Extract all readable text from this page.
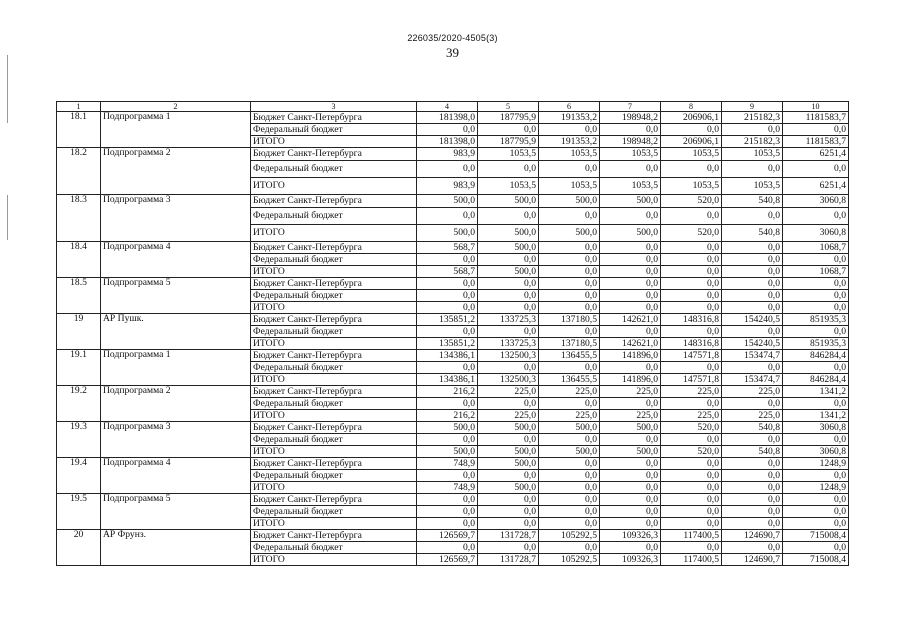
226035/2020-4505(3)
39
1	2	3	4	5	6	7	8	9	10
18.1	Подпрограмма 1	Бюджет Санкт-Петербурга	181398,0	187795,9	191353,2	198948,2	206906,1	215182,3	1181583,7
		Федеральный бюджет	0,0	0,0	0,0	0,0	0,0	0,0	0,0
		ИТОГО	181398,0	187795,9	191353,2	198948,2	206906,1	215182,3	1181583,7
18.2	Подпрограмма 2	Бюджет Санкт-Петербурга	983,9	1053,5	1053,5	1053,5	1053,5	1053,5	6251,4
		Федеральный бюджет	0,0	0,0	0,0	0,0	0,0	0,0	0,0
		ИТОГО	983,9	1053,5	1053,5	1053,5	1053,5	1053,5	6251,4
18.3	Подпрограмма 3	Бюджет Санкт-Петербурга	500,0	500,0	500,0	500,0	520,0	540,8	3060,8
		Федеральный бюджет	0,0	0,0	0,0	0,0	0,0	0,0	0,0
		ИТОГО	500,0	500,0	500,0	500,0	520,0	540,8	3060,8
18.4	Подпрограмма 4	Бюджет Санкт-Петербурга	568,7	500,0	0,0	0,0	0,0	0,0	1068,7
		Федеральный бюджет	0,0	0,0	0,0	0,0	0,0	0,0	0,0
		ИТОГО	568,7	500,0	0,0	0,0	0,0	0,0	1068,7
18.5	Подпрограмма 5	Бюджет Санкт-Петербурга	0,0	0,0	0,0	0,0	0,0	0,0	0,0
		Федеральный бюджет	0,0	0,0	0,0	0,0	0,0	0,0	0,0
		ИТОГО	0,0	0,0	0,0	0,0	0,0	0,0	0,0
19	АР Пушк.	Бюджет Санкт-Петербурга	135851,2	133725,3	137180,5	142621,0	148316,8	154240,5	851935,3
		Федеральный бюджет	0,0	0,0	0,0	0,0	0,0	0,0	0,0
		ИТОГО	135851,2	133725,3	137180,5	142621,0	148316,8	154240,5	851935,3
19.1	Подпрограмма 1	Бюджет Санкт-Петербурга	134386,1	132500,3	136455,5	141896,0	147571,8	153474,7	846284,4
		Федеральный бюджет	0,0	0,0	0,0	0,0	0,0	0,0	0,0
		ИТОГО	134386,1	132500,3	136455,5	141896,0	147571,8	153474,7	846284,4
19.2	Подпрограмма 2	Бюджет Санкт-Петербурга	216,2	225,0	225,0	225,0	225,0	225,0	1341,2
		Федеральный бюджет	0,0	0,0	0,0	0,0	0,0	0,0	0,0
		ИТОГО	216,2	225,0	225,0	225,0	225,0	225,0	1341,2
19.3	Подпрограмма 3	Бюджет Санкт-Петербурга	500,0	500,0	500,0	500,0	520,0	540,8	3060,8
		Федеральный бюджет	0,0	0,0	0,0	0,0	0,0	0,0	0,0
		ИТОГО	500,0	500,0	500,0	500,0	520,0	540,8	3060,8
19.4	Подпрограмма 4	Бюджет Санкт-Петербурга	748,9	500,0	0,0	0,0	0,0	0,0	1248,9
		Федеральный бюджет	0,0	0,0	0,0	0,0	0,0	0,0	0,0
		ИТОГО	748,9	500,0	0,0	0,0	0,0	0,0	1248,9
19.5	Подпрограмма 5	Бюджет Санкт-Петербурга	0,0	0,0	0,0	0,0	0,0	0,0	0,0
		Федеральный бюджет	0,0	0,0	0,0	0,0	0,0	0,0	0,0
		ИТОГО	0,0	0,0	0,0	0,0	0,0	0,0	0,0
20	АР Фрунз.	Бюджет Санкт-Петербурга	126569,7	131728,7	105292,5	109326,3	117400,5	124690,7	715008,4
		Федеральный бюджет	0,0	0,0	0,0	0,0	0,0	0,0	0,0
		ИТОГО	126569,7	131728,7	105292,5	109326,3	117400,5	124690,7	715008,4
